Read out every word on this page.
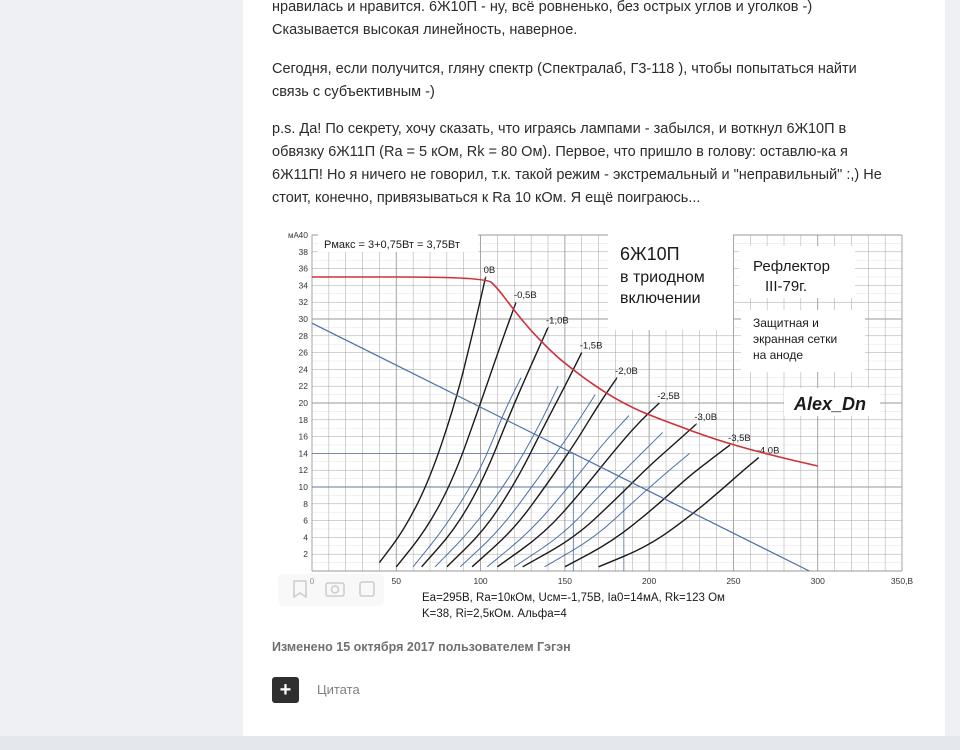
нравилась и нравится. 6Ж10П - ну, всё ровненько, без острых углов и уголков -)

Сказывается высокая линейность, наверное.

Сегодня, если получится, гляну спектр (Спектралаб, Г3-118 ), чтобы попытаться найти

связь с субъективным -)

p.s. Да! По секрету, хочу сказать, что играясь лампами - забылся, и воткнул 6Ж10П в

обвязку 6Ж11П (Ra = 5 кОм, Rk = 80 Ом). Первое, что пришло в голову: оставлю-ка я

6Ж11П! Но я ничего не говорил, т.к. такой режим - экстремальный и "неправильный" :,) Не

стоит, конечно, привязываться к Ra 10 кОм. Я ещё поиграюсь...

2
4
6
8
10
12
14
16
18
20
22
24
26
28
30
32
34
36
38
40
мА
50	100	150	200	250	300	350,В
0В
-0,5В
-1,0В
-1,5В
-2,0В
-2,5В
-3,0В
-3,5В
-4,0В
6Ж10П
в триодном
включении
Рефлектор
III-79г.
Защитная и
экранная сетки
на аноде
Alex_Dn
Рмакс = 3+0,75Вт = 3,75Вт
Ea=295В, Ra=10кОм, Uсм=-1,75В, Ia0=14мА, Rk=123 Ом
K=38, Ri=2,5кОм. Альфа=4
Изменено 15 октября 2017 пользователем Гэгэн
+	Цитата
